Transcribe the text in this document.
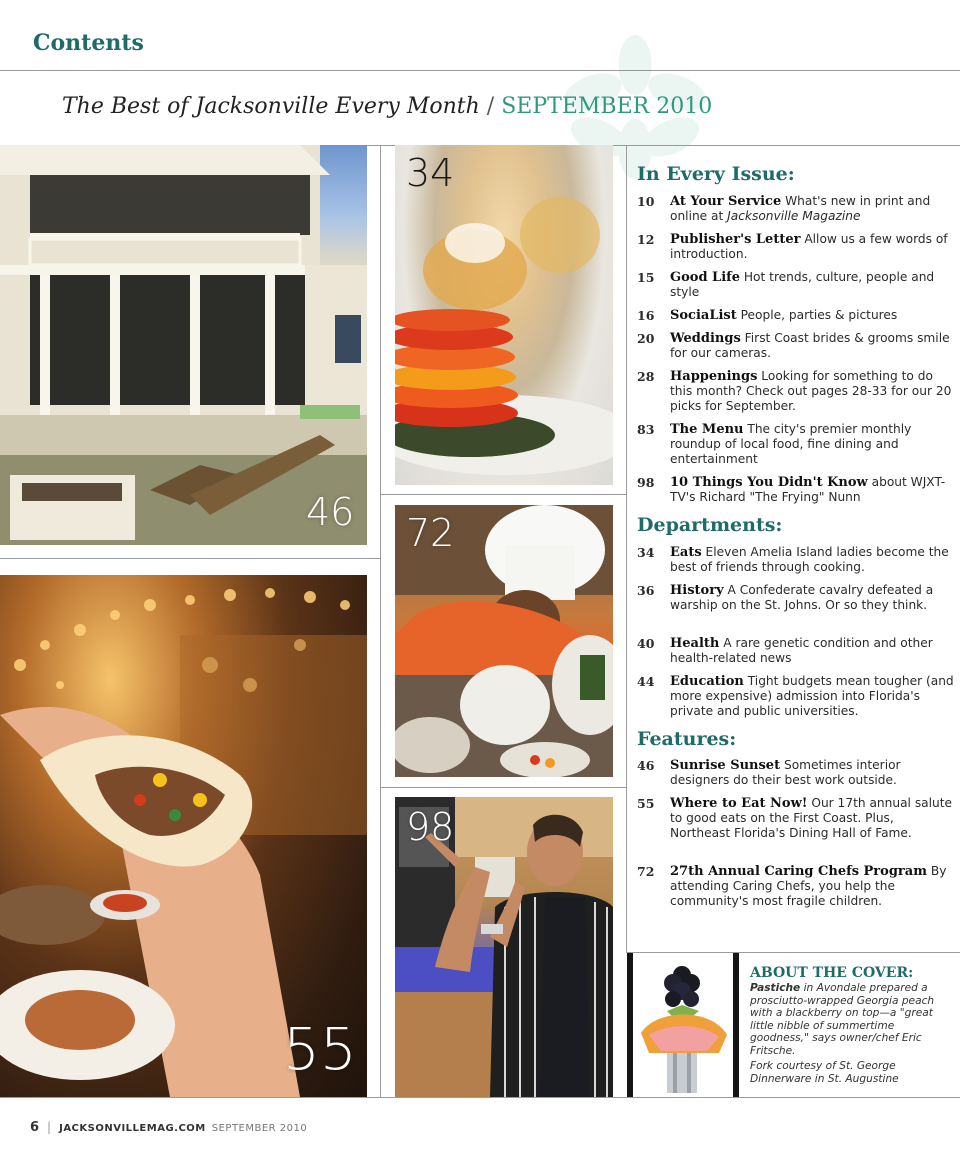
Contents
The Best of Jacksonville Every Month / SEPTEMBER 2010
46
34
55
72
98
In Every Issue:
10 At Your Service What's new in print and online at Jacksonville Magazine
12 Publisher's Letter Allow us a few words of introduction.
15 Good Life Hot trends, culture, people and style
16 SociaList People, parties & pictures
20 Weddings First Coast brides & grooms smile for our cameras.
28 Happenings Looking for something to do this month? Check out pages 28-33 for our 20 picks for September.
83 The Menu The city's premier monthly roundup of local food, fine dining and entertainment
98 10 Things You Didn't Know about WJXT-TV's Richard "The Frying" Nunn
Departments:
34 Eats Eleven Amelia Island ladies become the best of friends through cooking.
36 History A Confederate cavalry defeated a warship on the St. Johns. Or so they think.
40 Health A rare genetic condition and other health-related news
44 Education Tight budgets mean tougher (and more expensive) admission into Florida's private and public universities.
Features:
46 Sunrise Sunset Sometimes interior designers do their best work outside.
55 Where to Eat Now! Our 17th annual salute to good eats on the First Coast. Plus, Northeast Florida's Dining Hall of Fame.
72 27th Annual Caring Chefs Program By attending Caring Chefs, you help the community's most fragile children.
ABOUT THE COVER:
Pastiche in Avondale prepared a prosciutto-wrapped Georgia peach with a blackberry on top—a "great little nibble of summertime goodness," says owner/chef Eric Fritsche.
Fork courtesy of St. George Dinnerware in St. Augustine
6 | JACKSONVILLEMAG.COM SEPTEMBER 2010
